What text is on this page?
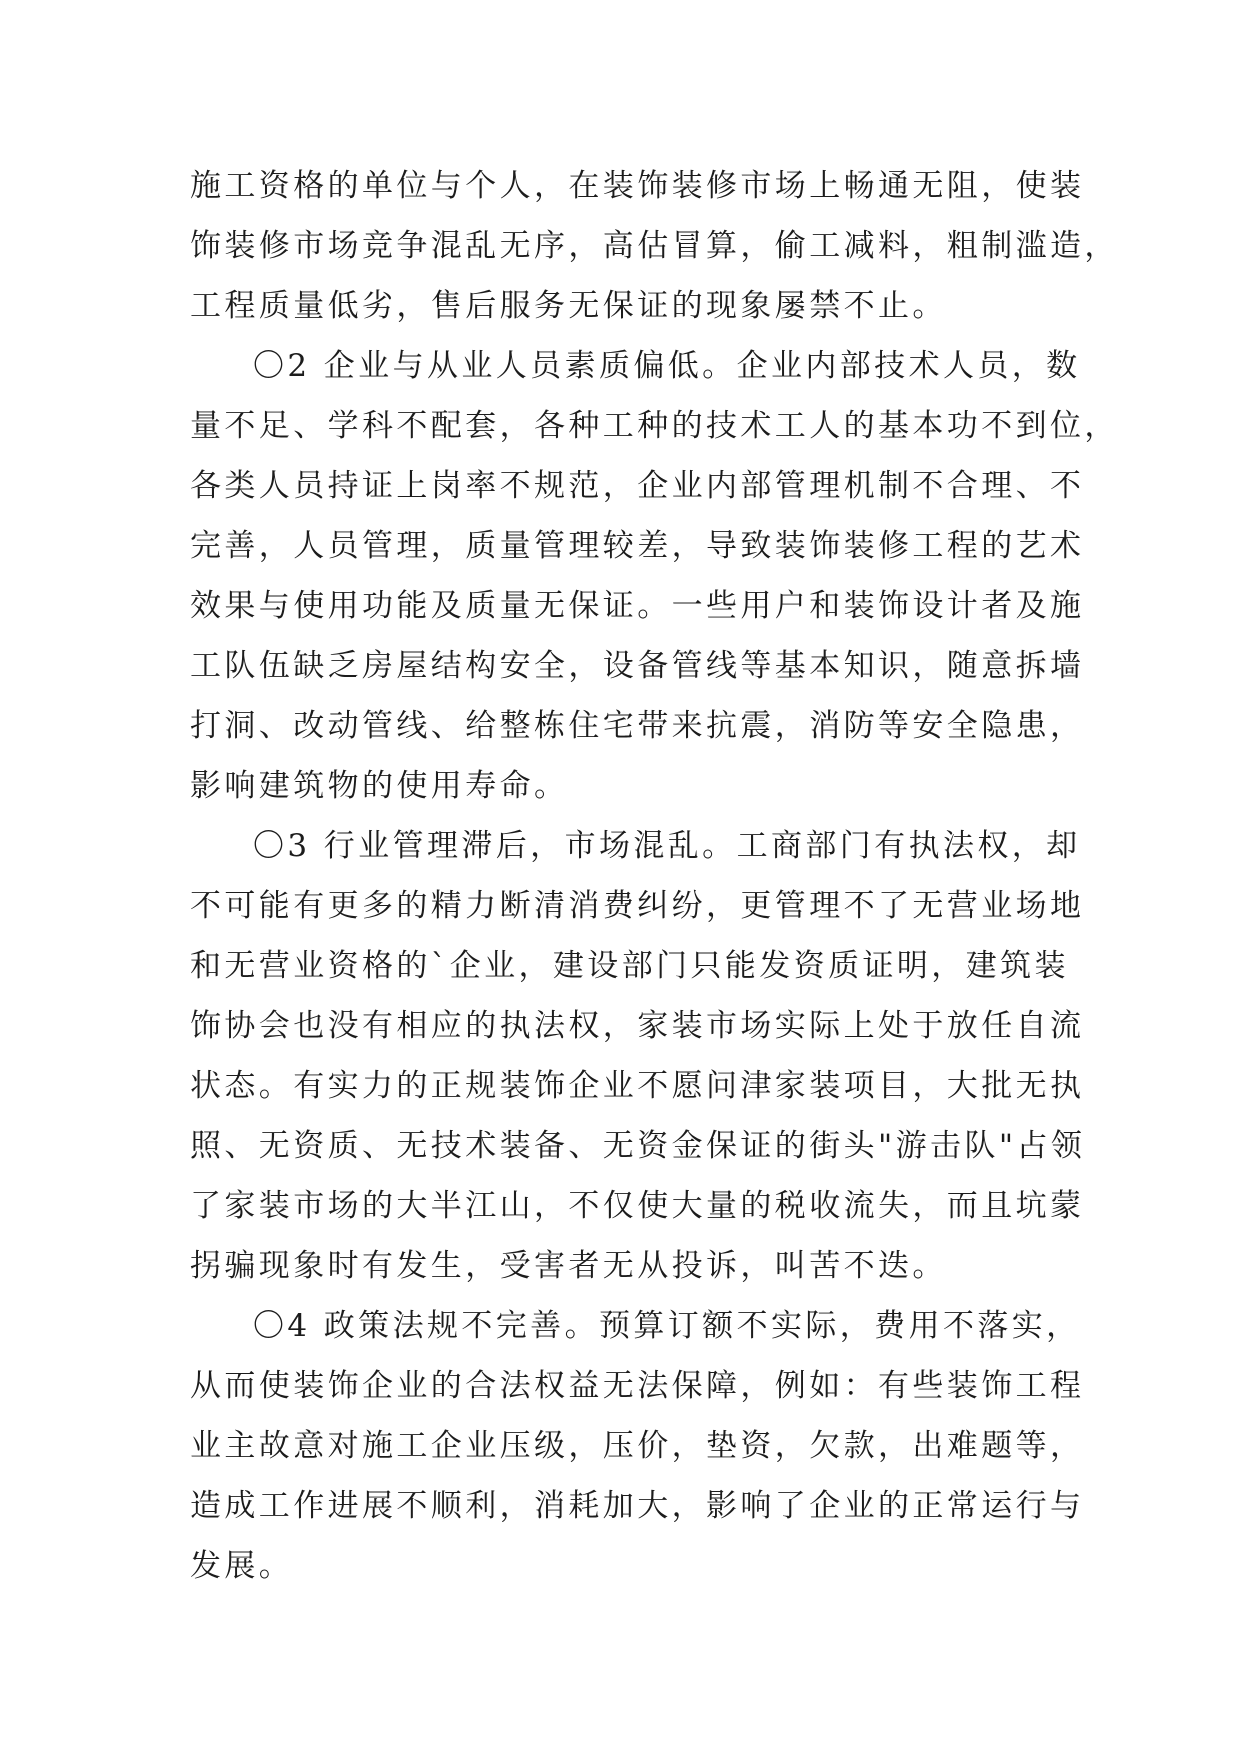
施工资格的单位与个人，在装饰装修市场上畅通无阻，使装

饰装修市场竞争混乱无序，高估冒算，偷工减料，粗制滥造，

工程质量低劣，售后服务无保证的现象屡禁不止。

〇2 企业与从业人员素质偏低。企业内部技术人员，数

量不足、学科不配套，各种工种的技术工人的基本功不到位，

各类人员持证上岗率不规范，企业内部管理机制不合理、不

完善，人员管理，质量管理较差，导致装饰装修工程的艺术

效果与使用功能及质量无保证。一些用户和装饰设计者及施

工队伍缺乏房屋结构安全，设备管线等基本知识，随意拆墙

打洞、改动管线、给整栋住宅带来抗震，消防等安全隐患，

影响建筑物的使用寿命。

〇3 行业管理滞后，市场混乱。工商部门有执法权，却

不可能有更多的精力断清消费纠纷，更管理不了无营业场地

和无营业资格的`企业，建设部门只能发资质证明，建筑装

饰协会也没有相应的执法权，家装市场实际上处于放任自流

状态。有实力的正规装饰企业不愿问津家装项目，大批无执

照、无资质、无技术装备、无资金保证的街头"游击队"占领

了家装市场的大半江山，不仅使大量的税收流失，而且坑蒙

拐骗现象时有发生，受害者无从投诉，叫苦不迭。

〇4 政策法规不完善。预算订额不实际，费用不落实，

从而使装饰企业的合法权益无法保障，例如：有些装饰工程

业主故意对施工企业压级，压价，垫资，欠款，出难题等，

造成工作进展不顺利，消耗加大，影响了企业的正常运行与

发展。
